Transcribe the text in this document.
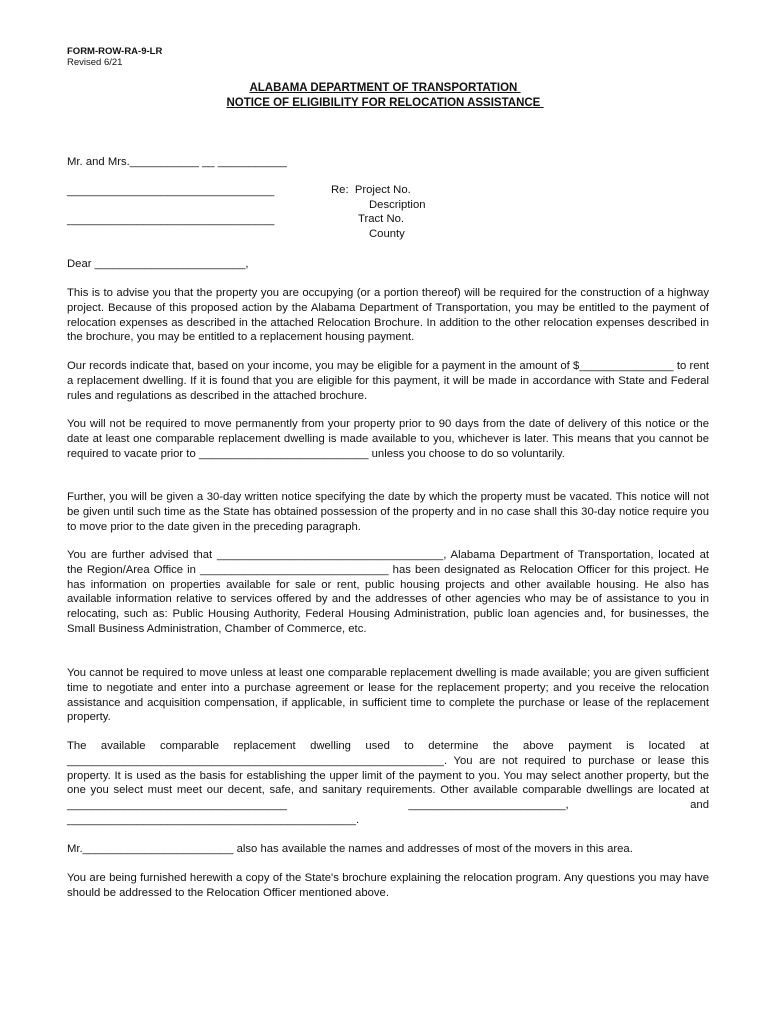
FORM-ROW-RA-9-LR
Revised 6/21
ALABAMA DEPARTMENT OF TRANSPORTATION
NOTICE OF ELIGIBILITY FOR RELOCATION ASSISTANCE
Mr. and Mrs.___________ __ ___________
_________________________________
_________________________________
Re:  Project No.
Description
Tract No.
County
Dear ________________________,
This is to advise you that the property you are occupying (or a portion thereof) will be required for the construction of a highway project. Because of this proposed action by the Alabama Department of Transportation, you may be entitled to the payment of relocation expenses as described in the attached Relocation Brochure. In addition to the other relocation expenses described in the brochure, you may be entitled to a replacement housing payment.
Our records indicate that, based on your income, you may be eligible for a payment in the amount of $_______________ to rent a replacement dwelling. If it is found that you are eligible for this payment, it will be made in accordance with State and Federal rules and regulations as described in the attached brochure.
You will not be required to move permanently from your property prior to 90 days from the date of delivery of this notice or the date at least one comparable replacement dwelling is made available to you, whichever is later. This means that you cannot be required to vacate prior to ___________________________ unless you choose to do so voluntarily.
Further, you will be given a 30-day written notice specifying the date by which the property must be vacated. This notice will not be given until such time as the State has obtained possession of the property and in no case shall this 30-day notice require you to move prior to the date given in the preceding paragraph.
You are further advised that ____________________________________, Alabama Department of Transportation, located at the Region/Area Office in ______________________________ has been designated as Relocation Officer for this project. He has information on properties available for sale or rent, public housing projects and other available housing. He also has available information relative to services offered by and the addresses of other agencies who may be of assistance to you in relocating, such as: Public Housing Authority, Federal Housing Administration, public loan agencies and, for businesses, the Small Business Administration, Chamber of Commerce, etc.
You cannot be required to move unless at least one comparable replacement dwelling is made available; you are given sufficient time to negotiate and enter into a purchase agreement or lease for the replacement property; and you receive the relocation assistance and acquisition compensation, if applicable, in sufficient time to complete the purchase or lease of the replacement property.
The available comparable replacement dwelling used to determine the above payment is located at ____________________________________________________________. You are not required to purchase or lease this property. It is used as the basis for establishing the upper limit of the payment to you. You may select another property, but the one you select must meet our decent, safe, and sanitary requirements. Other available comparable dwellings are located at ___________________________________ _________________________, and ______________________________________________.
Mr.________________________ also has available the names and addresses of most of the movers in this area.
You are being furnished herewith a copy of the State's brochure explaining the relocation program. Any questions you may have should be addressed to the Relocation Officer mentioned above.
